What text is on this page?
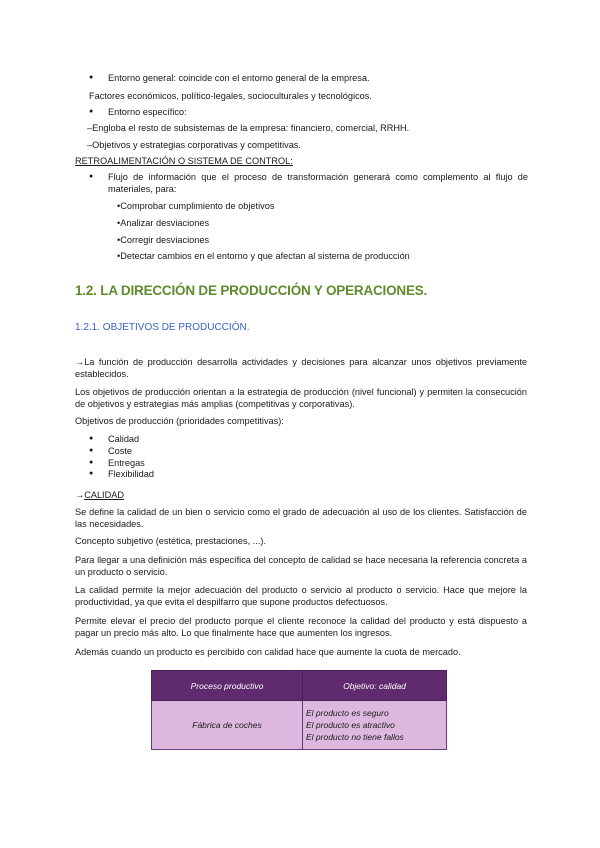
● Entorno general: coincide con el entorno general de la empresa.
Factores económicos, político-legales, socioculturales y tecnológicos.
● Entorno específico:
–Engloba el resto de subsistemas de la empresa: financiero, comercial, RRHH.
–Objetivos y estrategias corporativas y competitivas.
RETROALIMENTACIÓN O SISTEMA DE CONTROL:
● Flujo de información que el proceso de transformación generará como complemento al flujo de materiales, para:
•Comprobar cumplimiento de objetivos
•Analizar desviaciones
•Corregir desviaciones
•Detectar cambios en el entorno y que afectan al sistema de producción
1.2. LA DIRECCIÓN DE PRODUCCIÓN Y OPERACIONES.
1.2.1. OBJETIVOS DE PRODUCCIÓN.
→La función de producción desarrolla actividades y decisiones para alcanzar unos objetivos previamente establecidos.
Los objetivos de producción orientan a la estrategia de producción (nivel funcional) y permiten la consecución de objetivos y estrategias más amplias (competitivas y corporativas).
Objetivos de producción (prioridades competitivas):
● Calidad
● Coste
● Entregas
● Flexibilidad
→CALIDAD
Se define la calidad de un bien o servicio como el grado de adecuación al uso de los clientes. Satisfacción de las necesidades.
Concepto subjetivo (estética, prestaciones, ...).
Para llegar a una definición más específica del concepto de calidad se hace necesaria la referencia concreta a un producto o servicio.
La calidad permite la mejor adecuación del producto o servicio al producto o servicio. Hace que mejore la productividad, ya que evita el despilfarro que supone productos defectuosos.
Permite elevar el precio del producto porque el cliente reconoce la calidad del producto y está dispuesto a pagar un precio más alto. Lo que finalmente hace que aumenten los ingresos.
Además cuando un producto es percibido con calidad hace que aumente la cuota de mercado.
Proceso productivo	Objetivo: calidad
Fábrica de coches	El producto es seguro
El producto es atractivo
El producto no tiene fallos
